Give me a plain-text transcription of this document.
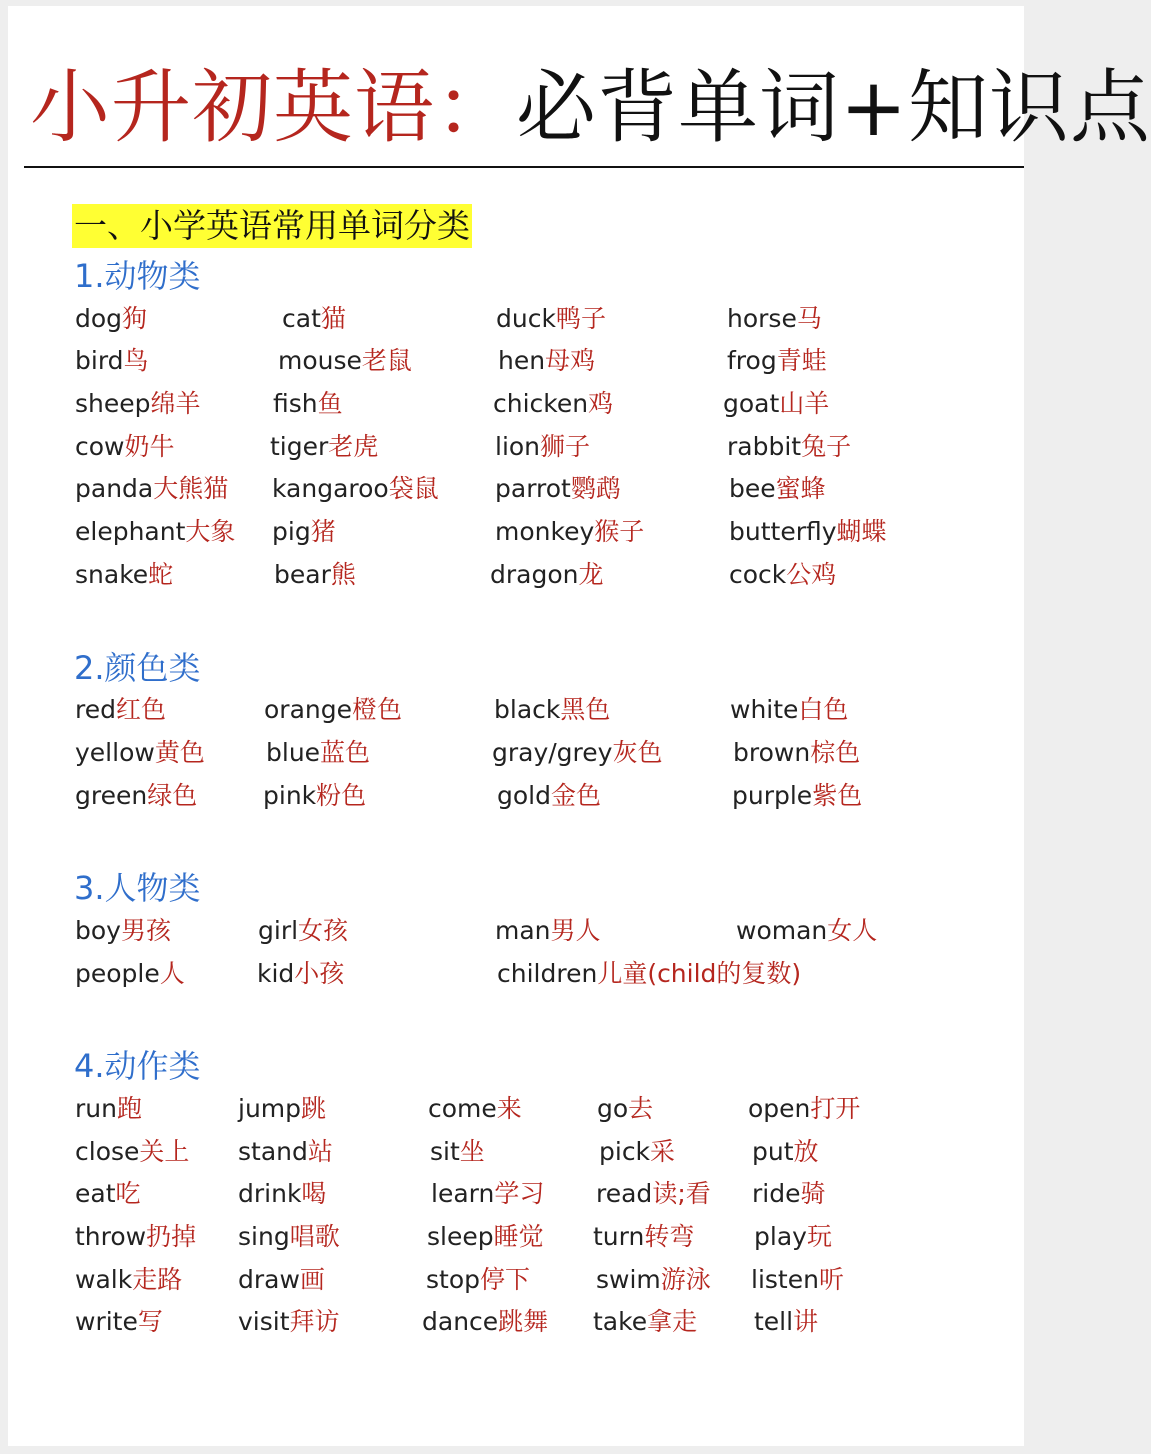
小升初英语：必背单词+知识点
一、小学英语常用单词分类
1.动物类
dog狗	cat猫	duck鸭子	horse马
bird鸟	mouse老鼠	hen母鸡	frog青蛙
sheep绵羊	fish鱼	chicken鸡	goat山羊
cow奶牛	tiger老虎	lion狮子	rabbit兔子
panda大熊猫 kangaroo袋鼠 parrot鹦鹉	bee蜜蜂
elephant大象 pig猪	monkey猴子	butterfly蝴蝶
snake蛇	bear熊	dragon龙	cock公鸡
2.颜色类
red红色	orange橙色	black黑色	white白色
yellow黄色 blue蓝色	gray/grey灰色	brown棕色
green绿色	pink粉色	gold金色	purple紫色
3.人物类
boy男孩	girl女孩	man男人	woman女人
people人	kid小孩	children儿童(child的复数)
4.动作类
run跑	jump跳	come来	go去	open打开
close关上 stand站	sit坐	pick采	put放
eat吃	drink喝	learn学习 read读;看 ride骑
throw扔掉 sing唱歌	sleep睡觉 turn转弯 play玩
walk走路 draw画	stop停下	swim游泳 listen听
write写	visit拜访	dance跳舞 take拿走 tell讲
